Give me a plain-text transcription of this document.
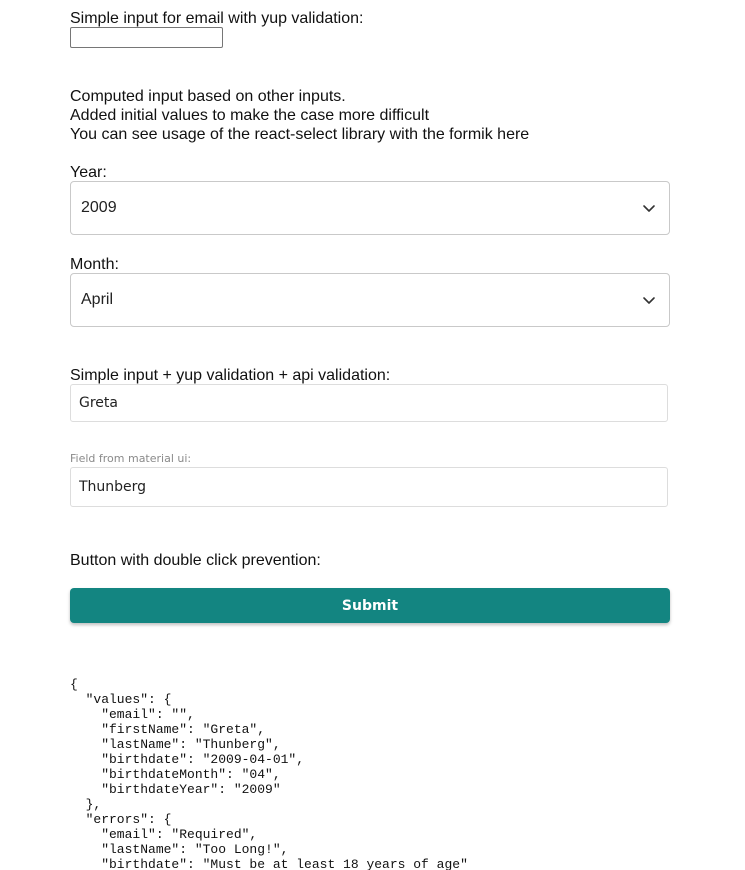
Simple input for email with yup validation:
Computed input based on other inputs.
Added initial values to make the case more difficult
You can see usage of the react-select library with the formik here
Year:
2009
Month:
April
Simple input + yup validation + api validation:
Greta
Field from material ui:
Thunberg
Button with double click prevention:
Submit
{
"values": {
"email": "",
"firstName": "Greta",
"lastName": "Thunberg",
"birthdate": "2009-04-01",
"birthdateMonth": "04",
"birthdateYear": "2009"
},
"errors": {
"email": "Required",
"lastName": "Too Long!",
"birthdate": "Must be at least 18 years of age"
